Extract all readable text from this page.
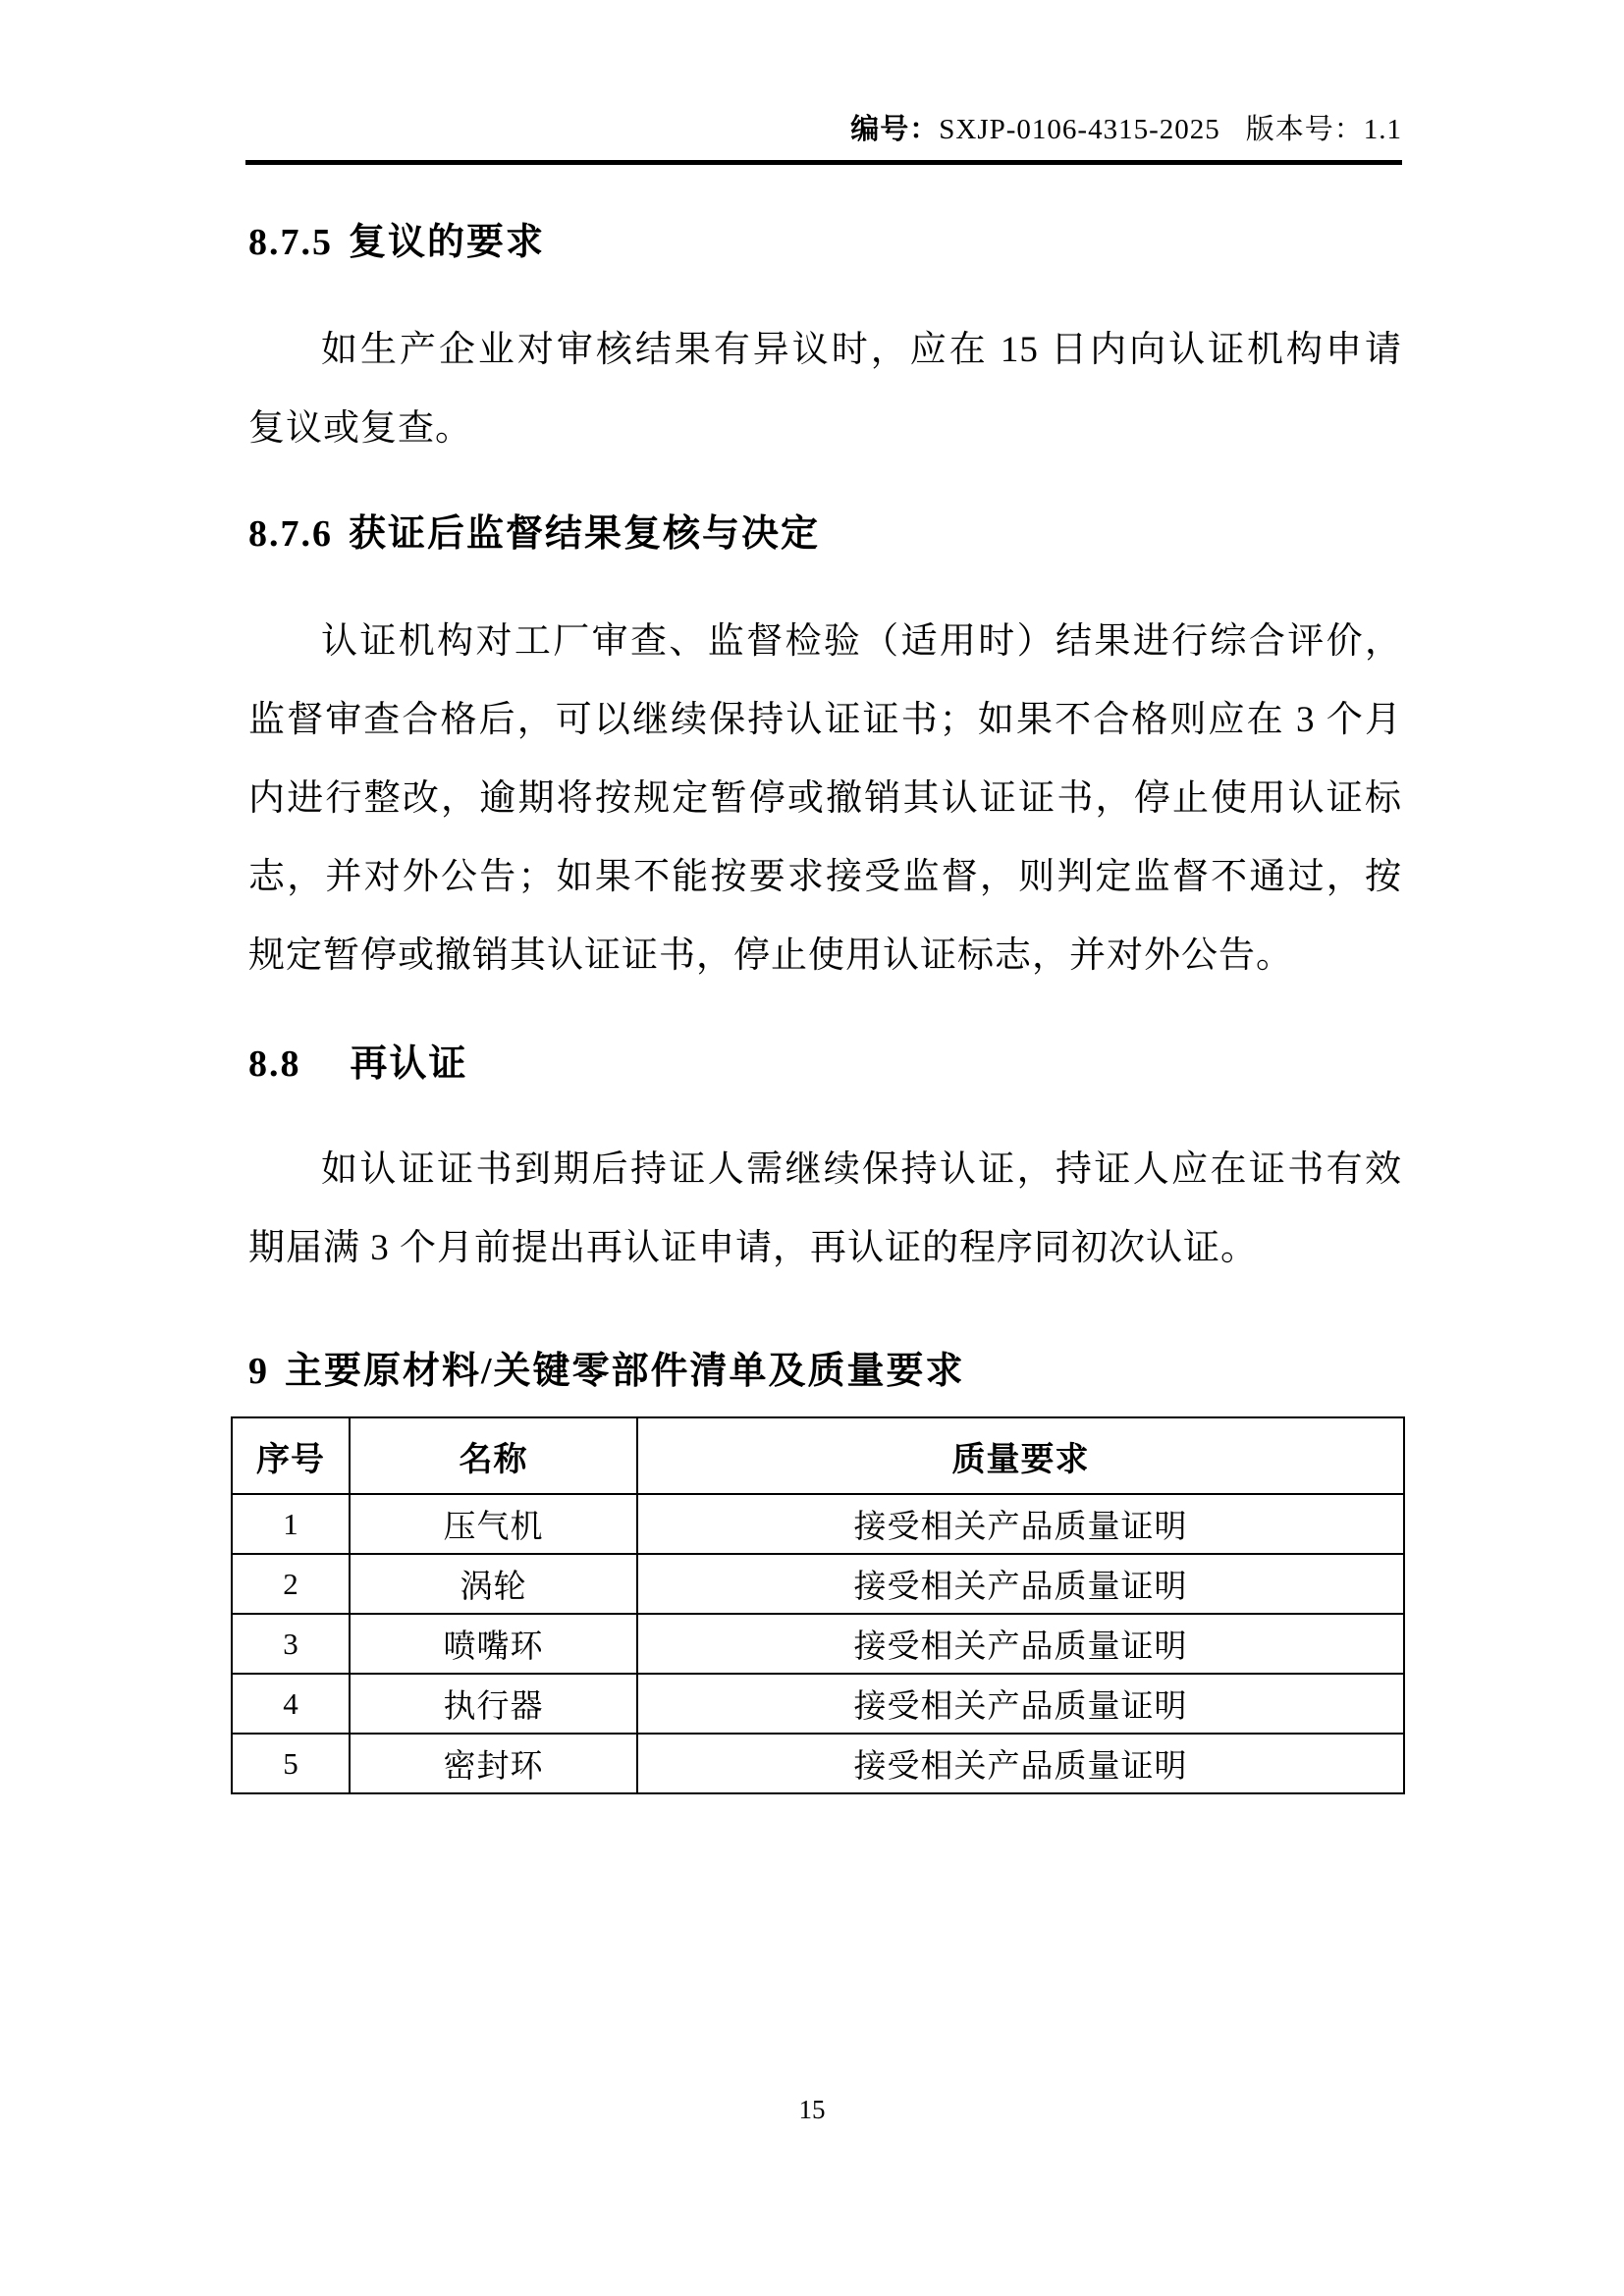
编号：SXJP-0106-4315-2025 版本号：1.1
8.7.5 复议的要求
如生产企业对审核结果有异议时，应在 15 日内向认证机构申请
复议或复查。
8.7.6 获证后监督结果复核与决定
认证机构对工厂审查、监督检验（适用时）结果进行综合评价，
监督审查合格后，可以继续保持认证证书；如果不合格则应在 3 个月
内进行整改，逾期将按规定暂停或撤销其认证证书，停止使用认证标
志，并对外公告；如果不能按要求接受监督，则判定监督不通过，按
规定暂停或撤销其认证证书，停止使用认证标志，并对外公告。
8.8 再认证
如认证证书到期后持证人需继续保持认证，持证人应在证书有效
期届满 3 个月前提出再认证申请，再认证的程序同初次认证。
9 主要原材料/关键零部件清单及质量要求
序号	名称	质量要求
1	压气机	接受相关产品质量证明
2	涡轮	接受相关产品质量证明
3	喷嘴环	接受相关产品质量证明
4	执行器	接受相关产品质量证明
5	密封环	接受相关产品质量证明
15
